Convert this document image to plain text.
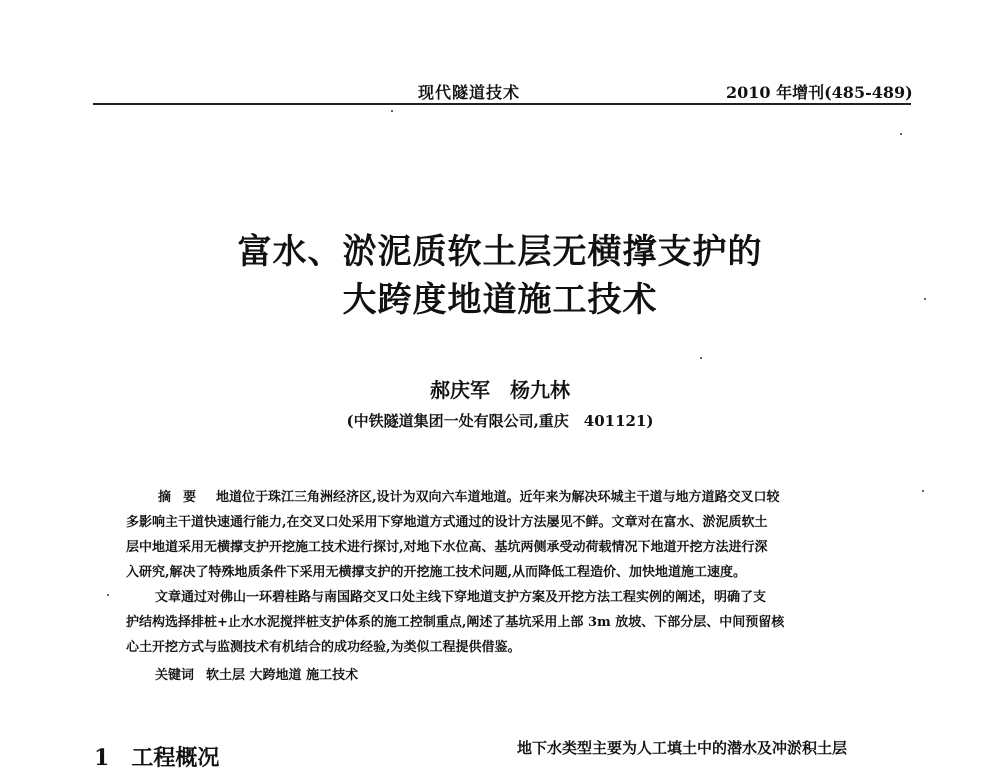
现代隧道技术	2010 年增刊(485-489)
富水、淤泥质软土层无横撑支护的
大跨度地道施工技术
郝庆军　杨九林
(中铁隧道集团一处有限公司,重庆　401121)
摘要 地道位于珠江三角洲经济区,设计为双向六车道地道。近年来为解决环城主干道与地方道路交叉口较
多影响主干道快速通行能力,在交叉口处采用下穿地道方式通过的设计方法屡见不鲜。文章对在富水、淤泥质软土
层中地道采用无横撑支护开挖施工技术进行探讨,对地下水位高、基坑两侧承受动荷载情况下地道开挖方法进行深
入研究,解决了特殊地质条件下采用无横撑支护的开挖施工技术问题,从而降低工程造价、加快地道施工速度。
文章通过对佛山一环碧桂路与南国路交叉口处主线下穿地道支护方案及开挖方法工程实例的阐述，明确了支
护结构选择排桩+止水水泥搅拌桩支护体系的施工控制重点,阐述了基坑采用上部 3m 放坡、下部分层、中间预留核
心土开挖方式与监测技术有机结合的成功经验,为类似工程提供借鉴。
关键词 软土层 大跨地道 施工技术
1 工程概况	地下水类型主要为人工填土中的潜水及冲淤积土层
